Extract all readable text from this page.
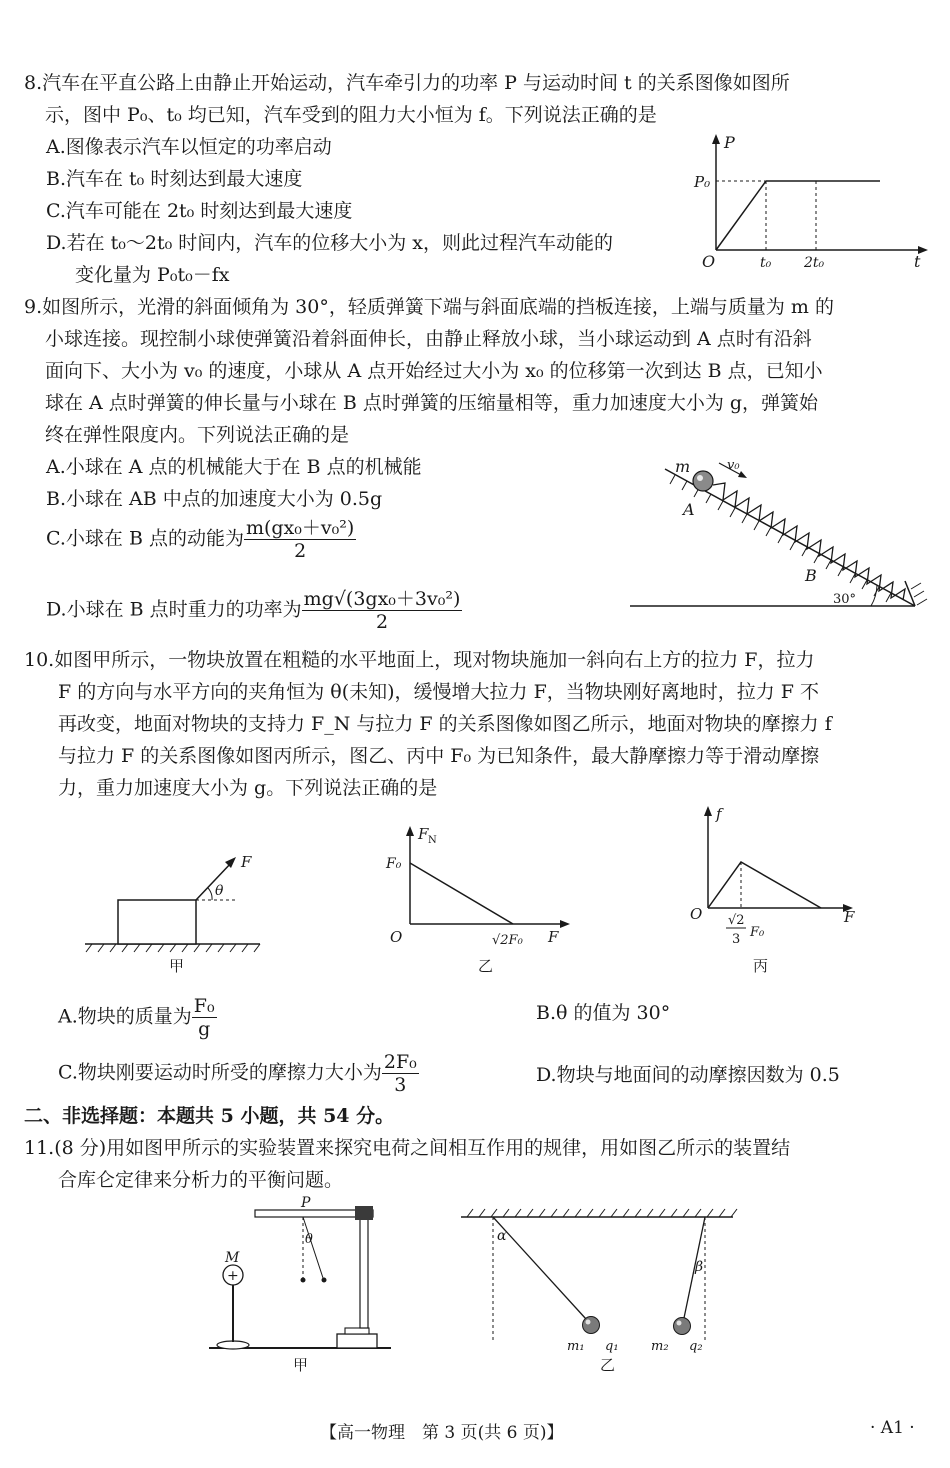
8.汽车在平直公路上由静止开始运动，汽车牵引力的功率 P 与运动时间 t 的关系图像如图所
示，图中 P₀、t₀ 均已知，汽车受到的阻力大小恒为 f。下列说法正确的是
A.图像表示汽车以恒定的功率启动
B.汽车在 t₀ 时刻达到最大速度
C.汽车可能在 2t₀ 时刻达到最大速度
D.若在 t₀～2t₀ 时间内，汽车的位移大小为 x，则此过程汽车动能的
变化量为 P₀t₀－fx
P
P₀
O	t₀ 2t₀	t
9.如图所示，光滑的斜面倾角为 30°，轻质弹簧下端与斜面底端的挡板连接，上端与质量为 m 的
小球连接。现控制小球使弹簧沿着斜面伸长，由静止释放小球，当小球运动到 A 点时有沿斜
面向下、大小为 v₀ 的速度，小球从 A 点开始经过大小为 x₀ 的位移第一次到达 B 点，已知小
球在 A 点时弹簧的伸长量与小球在 B 点时弹簧的压缩量相等，重力加速度大小为 g，弹簧始
终在弹性限度内。下列说法正确的是
A.小球在 A 点的机械能大于在 B 点的机械能
B.小球在 AB 中点的加速度大小为 0.5g
C.小球在 B 点的动能为 $\frac{\text{m(gx₀＋v₀²)}}{2}$
D.小球在 B 点时重力的功率为 $\frac{\text{mg√(3gx₀＋3v₀²)}}{2}$
m	v₀
A
B
30°
10.如图甲所示，一物块放置在粗糙的水平地面上，现对物块施加一斜向右上方的拉力 F，拉力
F 的方向与水平方向的夹角恒为 θ(未知)，缓慢增大拉力 F，当物块刚好离地时，拉力 F 不
再改变，地面对物块的支持力 F_N 与拉力 F 的关系图像如图乙所示，地面对物块的摩擦力 f
与拉力 F 的关系图像如图丙所示，图乙、丙中 F₀ 为已知条件，最大静摩擦力等于滑动摩擦
力，重力加速度大小为 g。下列说法正确的是
F
θ
甲
F N
F₀
O	√2F₀ F
乙
f
O	F
√2
3 F₀
丙
A.物块的质量为 $\frac{\text{F₀}}{g}$	B.θ 的值为 30°
C.物块刚要运动时所受的摩擦力大小为 $\frac{\text{2F₀}}{3}$	D.物块与地面间的动摩擦因数为 0.5
二、非选择题：本题共 5 小题，共 54 分。
11.(8 分)用如图甲所示的实验装置来探究电荷之间相互作用的规律，用如图乙所示的装置结
合库仑定律来分析力的平衡问题。
+
M
P
θ
甲
α
m₁ q₁
β
m₂ q₂
乙
【高一物理　第 3 页(共 6 页)】	· A1 ·
